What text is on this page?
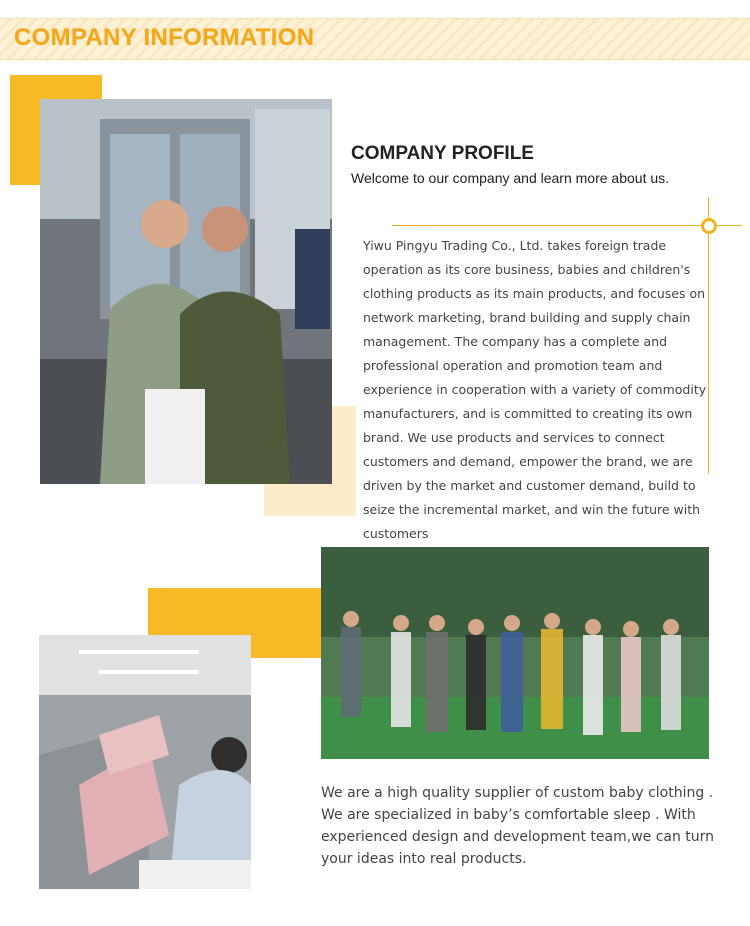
COMPANY INFORMATION
COMPANY PROFILE
Welcome to our company and learn more about us.
Yiwu Pingyu Trading Co., Ltd. takes foreign trade operation as its core business, babies and children's clothing products as its main products, and focuses on network marketing, brand building and supply chain management. The company has a complete and professional operation and promotion team and experience in cooperation with a variety of commodity manufacturers, and is committed to creating its own brand. We use products and services to connect customers and demand, empower the brand, we are driven by the market and customer demand, build to seize the incremental market, and win the future with customers
We are a high quality supplier of custom baby clothing . We are specialized in baby’s comfortable sleep . With experienced design and development team,we can turn your ideas into real products.
